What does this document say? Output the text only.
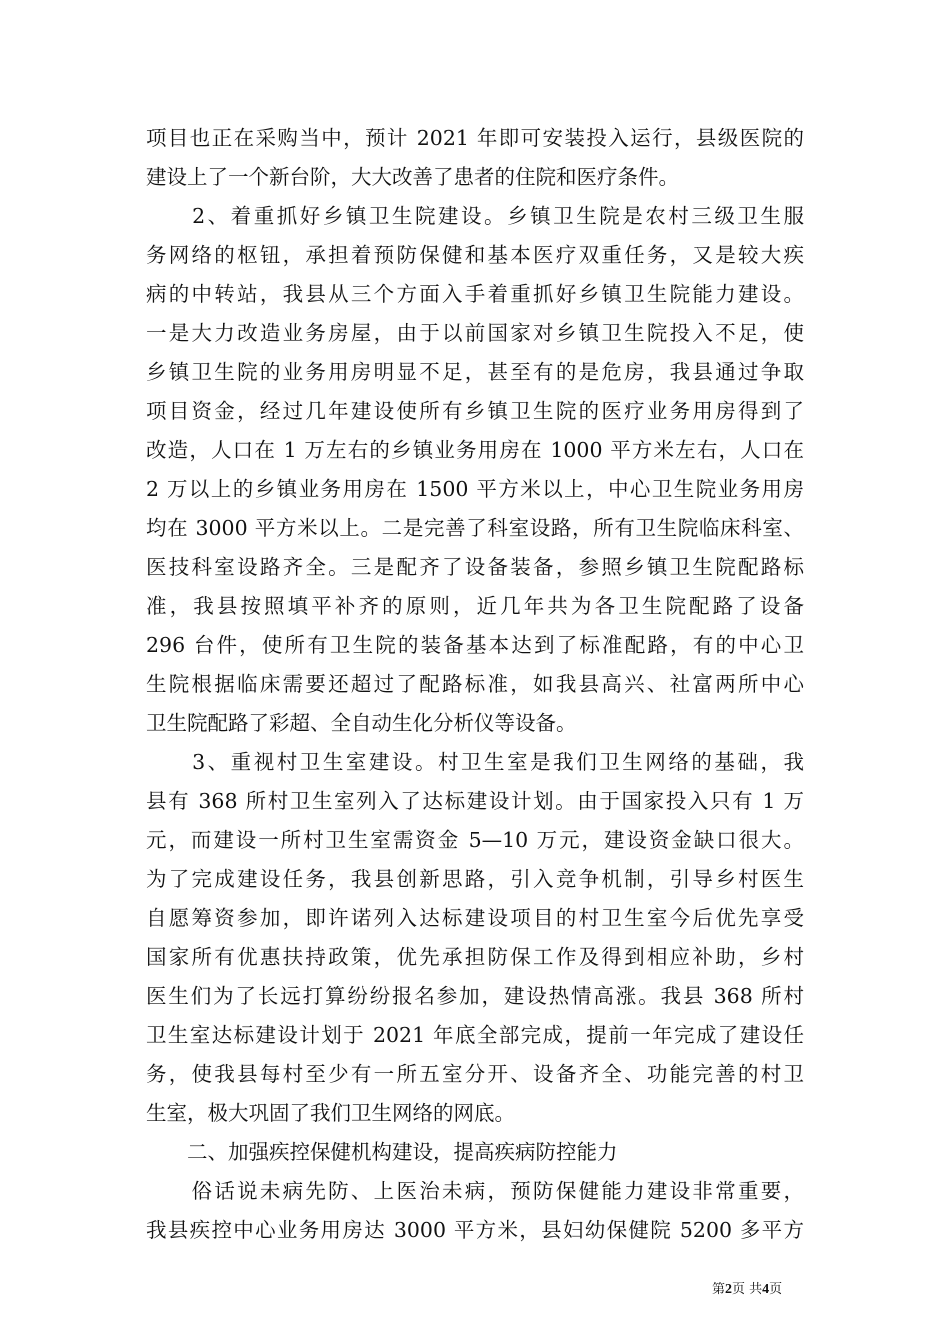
项目也正在采购当中，预计 2021 年即可安装投入运行，县级医院的
建设上了一个新台阶，大大改善了患者的住院和医疗条件。
　　2、着重抓好乡镇卫生院建设。乡镇卫生院是农村三级卫生服
务网络的枢钮，承担着预防保健和基本医疗双重任务，又是较大疾
病的中转站，我县从三个方面入手着重抓好乡镇卫生院能力建设。
一是大力改造业务房屋，由于以前国家对乡镇卫生院投入不足，使
乡镇卫生院的业务用房明显不足，甚至有的是危房，我县通过争取
项目资金，经过几年建设使所有乡镇卫生院的医疗业务用房得到了
改造，人口在 1 万左右的乡镇业务用房在 1000 平方米左右，人口在
2 万以上的乡镇业务用房在 1500 平方米以上，中心卫生院业务用房
均在 3000 平方米以上。二是完善了科室设路，所有卫生院临床科室、
医技科室设路齐全。三是配齐了设备装备，参照乡镇卫生院配路标
准，我县按照填平补齐的原则，近几年共为各卫生院配路了设备
296 台件，使所有卫生院的装备基本达到了标准配路，有的中心卫
生院根据临床需要还超过了配路标准，如我县高兴、社富两所中心
卫生院配路了彩超、全自动生化分析仪等设备。
　　3、重视村卫生室建设。村卫生室是我们卫生网络的基础，我
县有 368 所村卫生室列入了达标建设计划。由于国家投入只有 1 万
元，而建设一所村卫生室需资金 5—10 万元，建设资金缺口很大。
为了完成建设任务，我县创新思路，引入竞争机制，引导乡村医生
自愿筹资参加，即许诺列入达标建设项目的村卫生室今后优先享受
国家所有优惠扶持政策，优先承担防保工作及得到相应补助，乡村
医生们为了长远打算纷纷报名参加，建设热情高涨。我县 368 所村
卫生室达标建设计划于 2021 年底全部完成，提前一年完成了建设任
务，使我县每村至少有一所五室分开、设备齐全、功能完善的村卫
生室，极大巩固了我们卫生网络的网底。
　　二、加强疾控保健机构建设，提高疾病防控能力
　　俗话说未病先防、上医治未病，预防保健能力建设非常重要，
我县疾控中心业务用房达 3000 平方米，县妇幼保健院 5200 多平方
第2页 共4页
